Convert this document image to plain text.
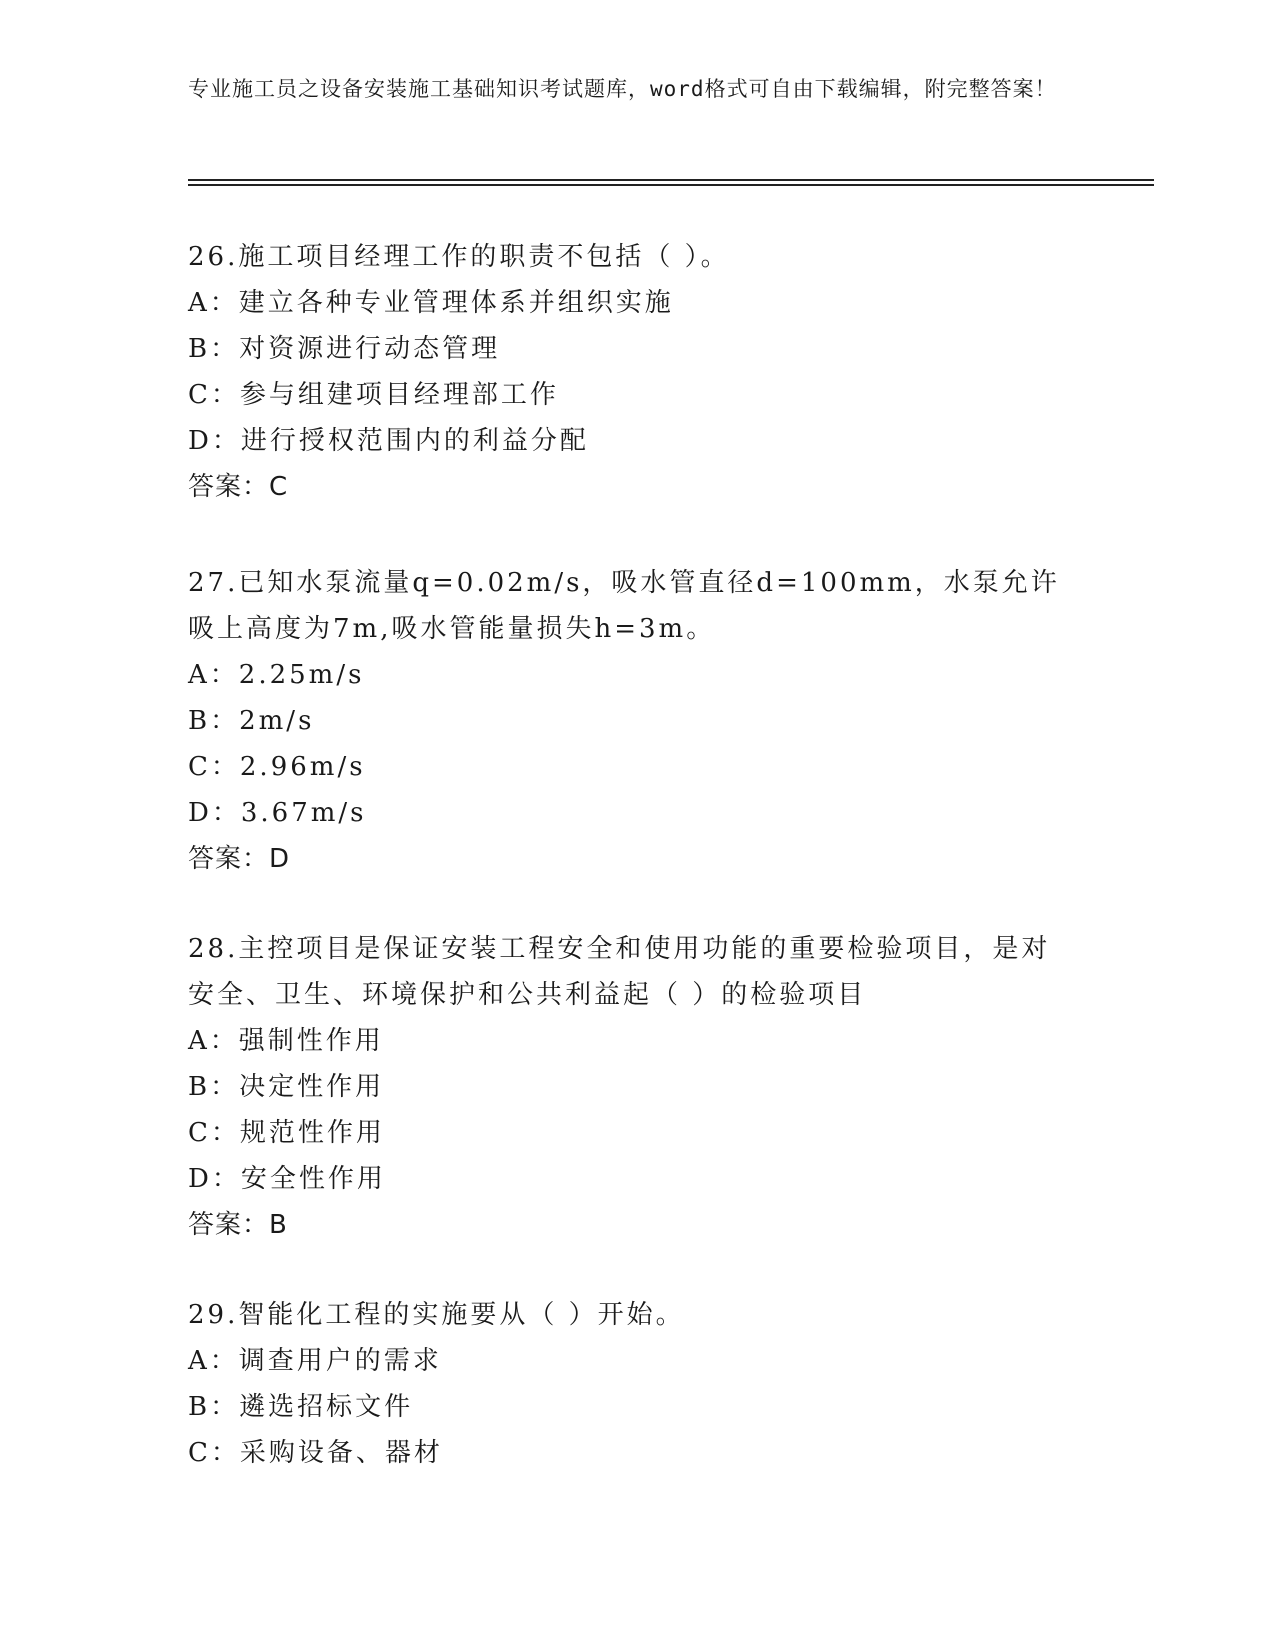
专业施工员之设备安装施工基础知识考试题库，word格式可自由下载编辑，附完整答案！
26.施工项目经理工作的职责不包括（ ）。
A：建立各种专业管理体系并组织实施
B：对资源进行动态管理
C：参与组建项目经理部工作
D：进行授权范围内的利益分配
答案：C
27.已知水泵流量q=0.02m/s，吸水管直径d=100mm，水泵允许吸上高度为7m,吸水管能量损失h=3m。
A：2.25m/s
B：2m/s
C：2.96m/s
D：3.67m/s
答案：D
28.主控项目是保证安装工程安全和使用功能的重要检验项目，是对安全、卫生、环境保护和公共利益起（ ）的检验项目
A：强制性作用
B：决定性作用
C：规范性作用
D：安全性作用
答案：B
29.智能化工程的实施要从（ ）开始。
A：调查用户的需求
B：遴选招标文件
C：采购设备、器材
